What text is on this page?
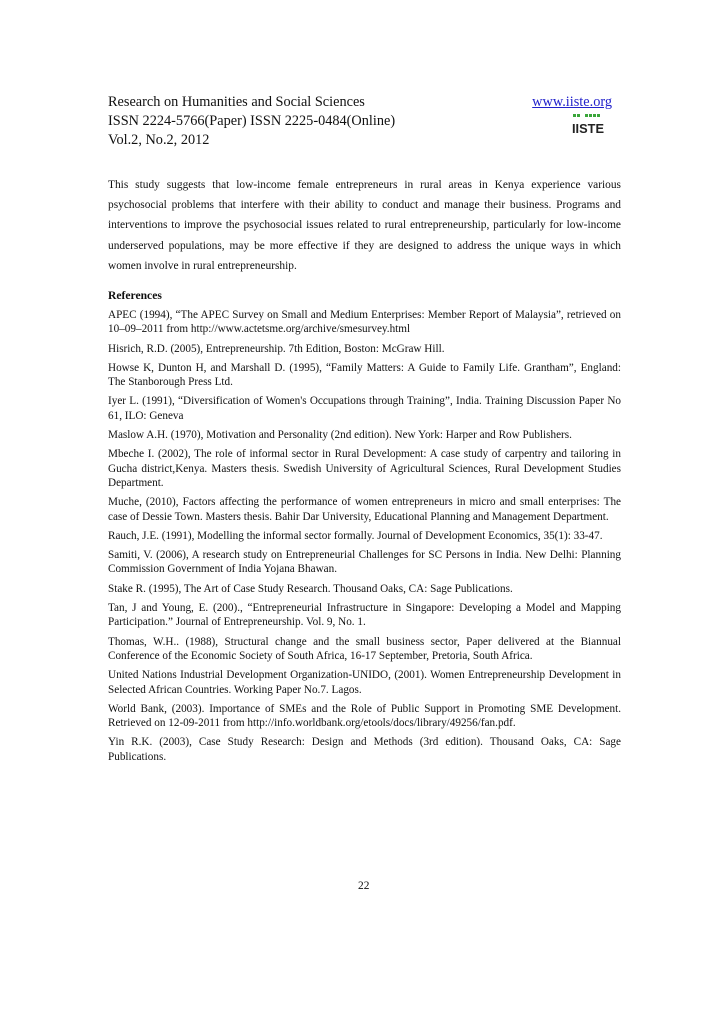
Research on Humanities and Social Sciences
ISSN 2224-5766(Paper) ISSN 2225-0484(Online)
Vol.2, No.2, 2012
www.iiste.org
IISTE
This study suggests that low-income female entrepreneurs in rural areas in Kenya experience various psychosocial problems that interfere with their ability to conduct and manage their business. Programs and interventions to improve the psychosocial issues related to rural entrepreneurship, particularly for low-income underserved populations, may be more effective if they are designed to address the unique ways in which women involve in rural entrepreneurship.
References
APEC (1994), “The APEC Survey on Small and Medium Enterprises: Member Report of Malaysia”, retrieved on 10–09–2011 from http://www.actetsme.org/archive/smesurvey.html
Hisrich, R.D. (2005), Entrepreneurship. 7th Edition, Boston: McGraw Hill.
Howse K, Dunton H, and Marshall D. (1995), “Family Matters: A Guide to Family Life. Grantham”, England: The Stanborough Press Ltd.
Iyer L. (1991), “Diversification of Women's Occupations through Training”, India. Training Discussion Paper No 61, ILO: Geneva
Maslow A.H. (1970), Motivation and Personality (2nd edition). New York: Harper and Row Publishers.
Mbeche I. (2002), The role of informal sector in Rural Development: A case study of carpentry and tailoring in Gucha district,Kenya. Masters thesis. Swedish University of Agricultural Sciences, Rural Development Studies Department.
Muche, (2010), Factors affecting the performance of women entrepreneurs in micro and small enterprises: The case of Dessie Town. Masters thesis. Bahir Dar University, Educational Planning and Management Department.
Rauch, J.E. (1991), Modelling the informal sector formally. Journal of Development Economics, 35(1): 33-47.
Samiti, V. (2006), A research study on Entrepreneurial Challenges for SC Persons in India. New Delhi: Planning Commission Government of India Yojana Bhawan.
Stake R. (1995), The Art of Case Study Research. Thousand Oaks, CA: Sage Publications.
Tan, J and Young, E. (200)., “Entrepreneurial Infrastructure in Singapore: Developing a Model and Mapping Participation.” Journal of Entrepreneurship. Vol. 9, No. 1.
Thomas, W.H.. (1988), Structural change and the small business sector, Paper delivered at the Biannual Conference of the Economic Society of South Africa, 16-17 September, Pretoria, South Africa.
United Nations Industrial Development Organization-UNIDO, (2001). Women Entrepreneurship Development in Selected African Countries. Working Paper No.7. Lagos.
World Bank, (2003). Importance of SMEs and the Role of Public Support in Promoting SME Development. Retrieved on 12-09-2011 from http://info.worldbank.org/etools/docs/library/49256/fan.pdf.
Yin R.K. (2003), Case Study Research: Design and Methods (3rd edition). Thousand Oaks, CA: Sage Publications.
22
